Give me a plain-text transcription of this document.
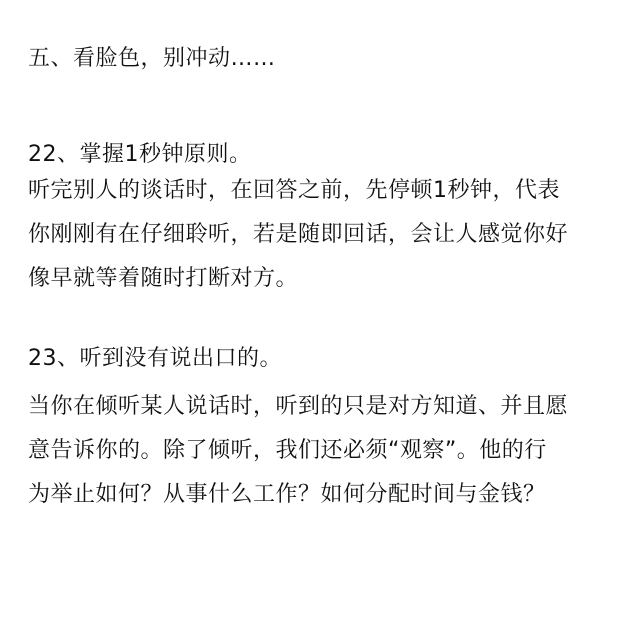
五、看脸色，别冲动……
22、掌握1秒钟原则。
听完别人的谈话时，在回答之前，先停顿1秒钟，代表
你刚刚有在仔细聆听，若是随即回话，会让人感觉你好
像早就等着随时打断对方。
23、听到没有说出口的。
当你在倾听某人说话时，听到的只是对方知道、并且愿
意告诉你的。除了倾听，我们还必须“观察”。他的行
为举止如何？从事什么工作？如何分配时间与金钱？
